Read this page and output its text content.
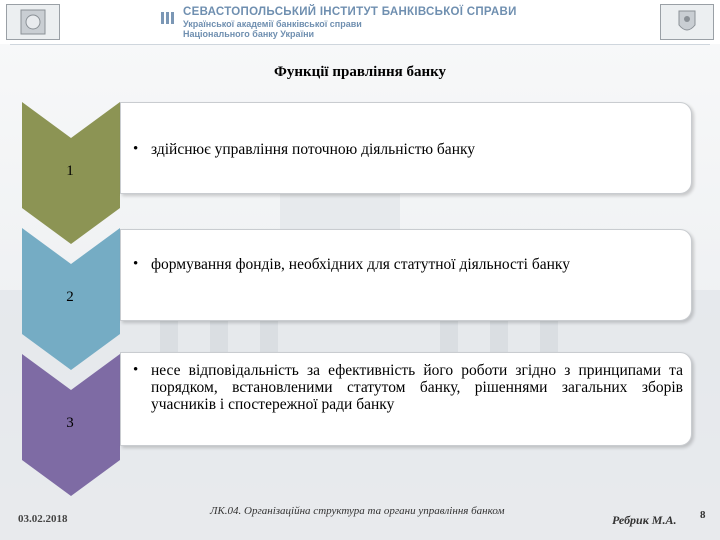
СЕВАСТОПОЛЬСЬКИЙ ІНСТИТУТ БАНКІВСЬКОЇ СПРАВИ
Української академії банківської справи
Національного банку України
Функції правління банку
1
2
3
• здійснює управління поточною діяльністю банку
• формування фондів, необхідних для статутної діяльності банку
• несе відповідальність за ефективність його роботи згідно з принципами та порядком, встановленими статутом банку, рішеннями загальних зборів учасників і спостережної ради банку
03.02.2018
ЛК.04. Організаційна структура та органи управління банком
Ребрик М.А. 8
